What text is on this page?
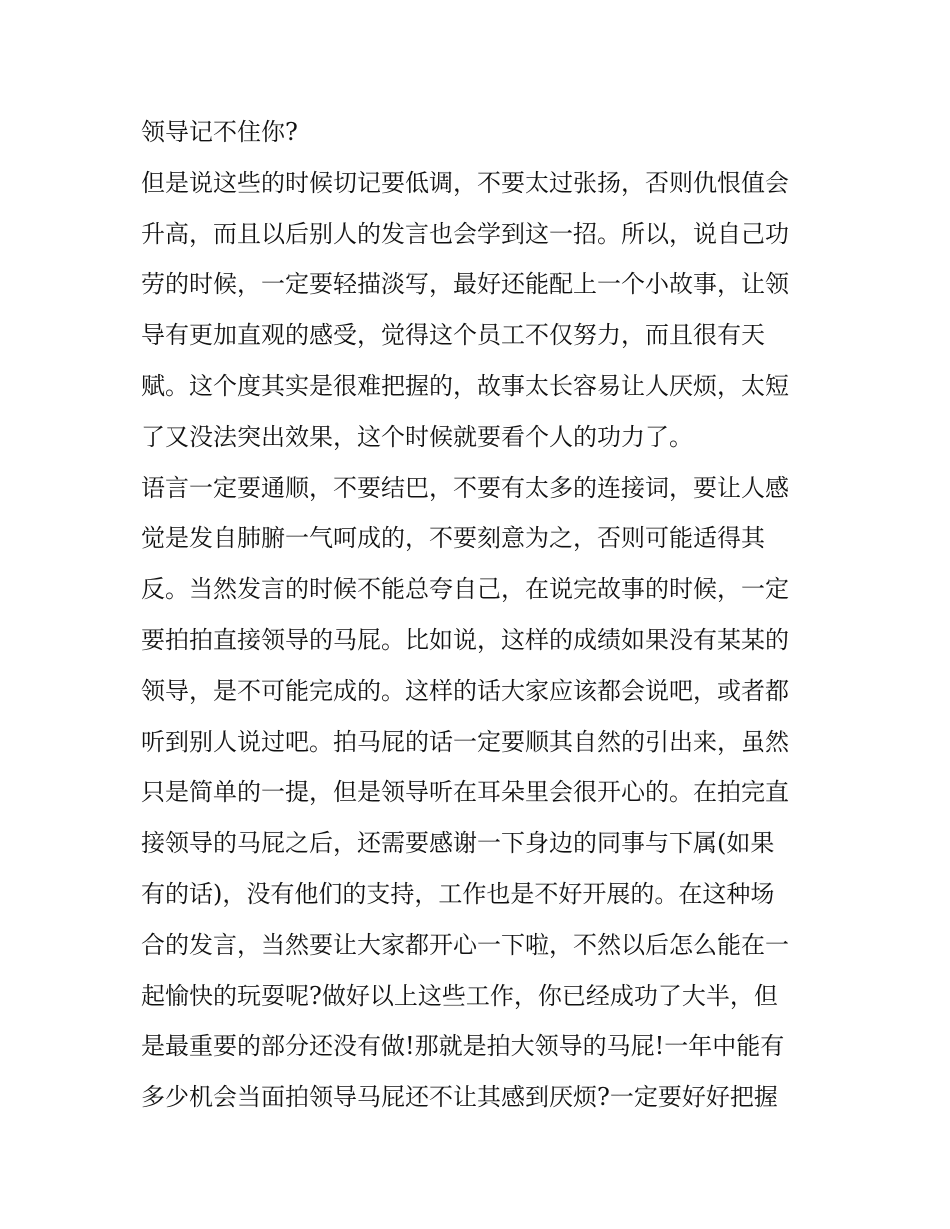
领导记不住你?
但是说这些的时候切记要低调，不要太过张扬，否则仇恨值会
升高，而且以后别人的发言也会学到这一招。所以，说自己功
劳的时候，一定要轻描淡写，最好还能配上一个小故事，让领
导有更加直观的感受，觉得这个员工不仅努力，而且很有天
赋。这个度其实是很难把握的，故事太长容易让人厌烦，太短
了又没法突出效果，这个时候就要看个人的功力了。
语言一定要通顺，不要结巴，不要有太多的连接词，要让人感
觉是发自肺腑一气呵成的，不要刻意为之，否则可能适得其
反。当然发言的时候不能总夸自己，在说完故事的时候，一定
要拍拍直接领导的马屁。比如说，这样的成绩如果没有某某的
领导，是不可能完成的。这样的话大家应该都会说吧，或者都
听到别人说过吧。拍马屁的话一定要顺其自然的引出来，虽然
只是简单的一提，但是领导听在耳朵里会很开心的。在拍完直
接领导的马屁之后，还需要感谢一下身边的同事与下属(如果
有的话)，没有他们的支持，工作也是不好开展的。在这种场
合的发言，当然要让大家都开心一下啦，不然以后怎么能在一
起愉快的玩耍呢?做好以上这些工作，你已经成功了大半，但
是最重要的部分还没有做!那就是拍大领导的马屁!一年中能有
多少机会当面拍领导马屁还不让其感到厌烦?一定要好好把握
